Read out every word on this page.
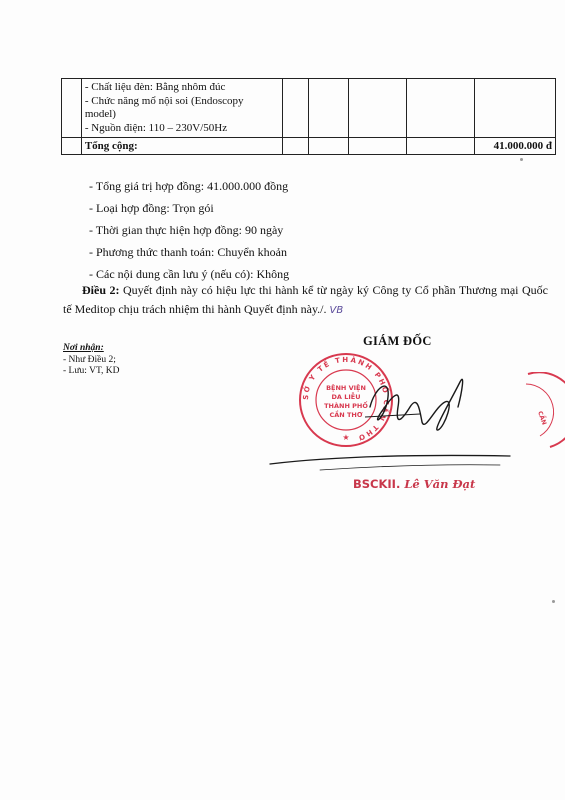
	- Chất liệu đèn: Bằng nhôm đúc
- Chức năng mổ nội soi (Endoscopy
model)
- Nguồn điện: 110 – 230V/50Hz					

	Tổng cộng:					41.000.000 đ
- Tổng giá trị hợp đồng: 41.000.000 đồng
- Loại hợp đồng: Trọn gói
- Thời gian thực hiện hợp đồng: 90 ngày
- Phương thức thanh toán: Chuyển khoản
- Các nội dung cần lưu ý (nếu có): Không
Điều 2: Quyết định này có hiệu lực thi hành kể từ ngày ký Công ty Cổ phần Thương mại Quốc tế Meditop chịu trách nhiệm thi hành Quyết định này./. VB
Nơi nhận:
- Như Điều 2;
- Lưu: VT, KD
GIÁM ĐỐC
SỞ Y TẾ THÀNH PHỐ CẦN THƠ
BỆNH VIỆN
DA LIỄU
THÀNH PHỐ
CẦN THƠ
★
CẦN
BSCKII. Lê Văn Đạt
